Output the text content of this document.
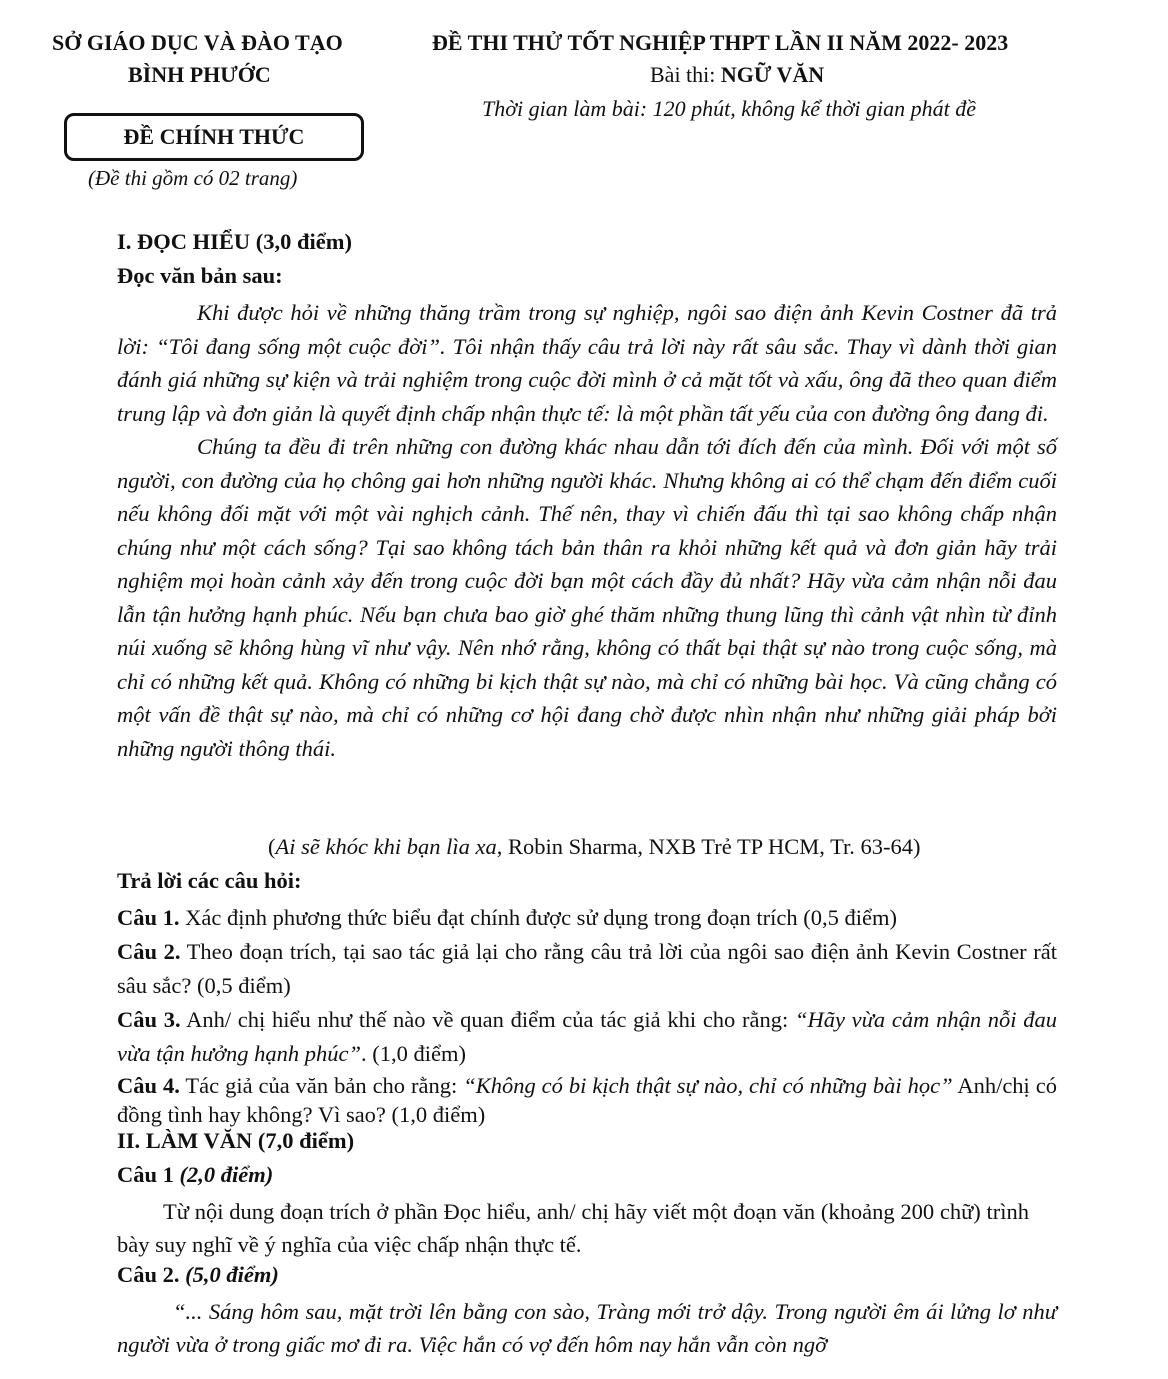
SỞ GIÁO DỤC VÀ ĐÀO TẠO
BÌNH PHƯỚC
ĐỀ THI THỬ TỐT NGHIỆP THPT LẦN II NĂM 2022- 2023
Bài thi: NGỮ VĂN
Thời gian làm bài: 120 phút, không kể thời gian phát đề
ĐỀ CHÍNH THỨC
(Đề thi gồm có 02 trang)
I. ĐỌC HIỂU (3,0 điểm)
Đọc văn bản sau:

Khi được hỏi về những thăng trầm trong sự nghiệp, ngôi sao điện ảnh Kevin Costner đã trả lời: “Tôi đang sống một cuộc đời”. Tôi nhận thấy câu trả lời này rất sâu sắc. Thay vì dành thời gian đánh giá những sự kiện và trải nghiệm trong cuộc đời mình ở cả mặt tốt và xấu, ông đã theo quan điểm trung lập và đơn giản là quyết định chấp nhận thực tế: là một phần tất yếu của con đường ông đang đi.

Chúng ta đều đi trên những con đường khác nhau dẫn tới đích đến của mình. Đối với một số người, con đường của họ chông gai hơn những người khác. Nhưng không ai có thể chạm đến điểm cuối nếu không đối mặt với một vài nghịch cảnh. Thế nên, thay vì chiến đấu thì tại sao không chấp nhận chúng như một cách sống? Tại sao không tách bản thân ra khỏi những kết quả và đơn giản hãy trải nghiệm mọi hoàn cảnh xảy đến trong cuộc đời bạn một cách đầy đủ nhất? Hãy vừa cảm nhận nỗi đau lẫn tận hưởng hạnh phúc. Nếu bạn chưa bao giờ ghé thăm những thung lũng thì cảnh vật nhìn từ đỉnh núi xuống sẽ không hùng vĩ như vậy. Nên nhớ rằng, không có thất bại thật sự nào trong cuộc sống, mà chỉ có những kết quả. Không có những bi kịch thật sự nào, mà chỉ có những bài học. Và cũng chẳng có một vấn đề thật sự nào, mà chỉ có những cơ hội đang chờ được nhìn nhận như những giải pháp bởi những người thông thái.

(Ai sẽ khóc khi bạn lìa xa, Robin Sharma, NXB Trẻ TP HCM, Tr. 63-64)
Trả lời các câu hỏi:

Câu 1. Xác định phương thức biểu đạt chính được sử dụng trong đoạn trích (0,5 điểm)

Câu 2. Theo đoạn trích, tại sao tác giả lại cho rằng câu trả lời của ngôi sao điện ảnh Kevin Costner rất sâu sắc? (0,5 điểm)

Câu 3. Anh/ chị hiểu như thế nào về quan điểm của tác giả khi cho rằng: “Hãy vừa cảm nhận nỗi đau vừa tận hưởng hạnh phúc”. (1,0 điểm)

Câu 4. Tác giả của văn bản cho rằng: “Không có bi kịch thật sự nào, chỉ có những bài học” Anh/chị có đồng tình hay không? Vì sao? (1,0 điểm)

II. LÀM VĂN (7,0 điểm)
Câu 1 (2,0 điểm)

Từ nội dung đoạn trích ở phần Đọc hiểu, anh/ chị hãy viết một đoạn văn (khoảng 200 chữ) trình bày suy nghĩ về ý nghĩa của việc chấp nhận thực tế.

Câu 2. (5,0 điểm)

“... Sáng hôm sau, mặt trời lên bằng con sào, Tràng mới trở dậy. Trong người êm ái lửng lơ như người vừa ở trong giấc mơ đi ra. Việc hắn có vợ đến hôm nay hắn vẫn còn ngỡ
